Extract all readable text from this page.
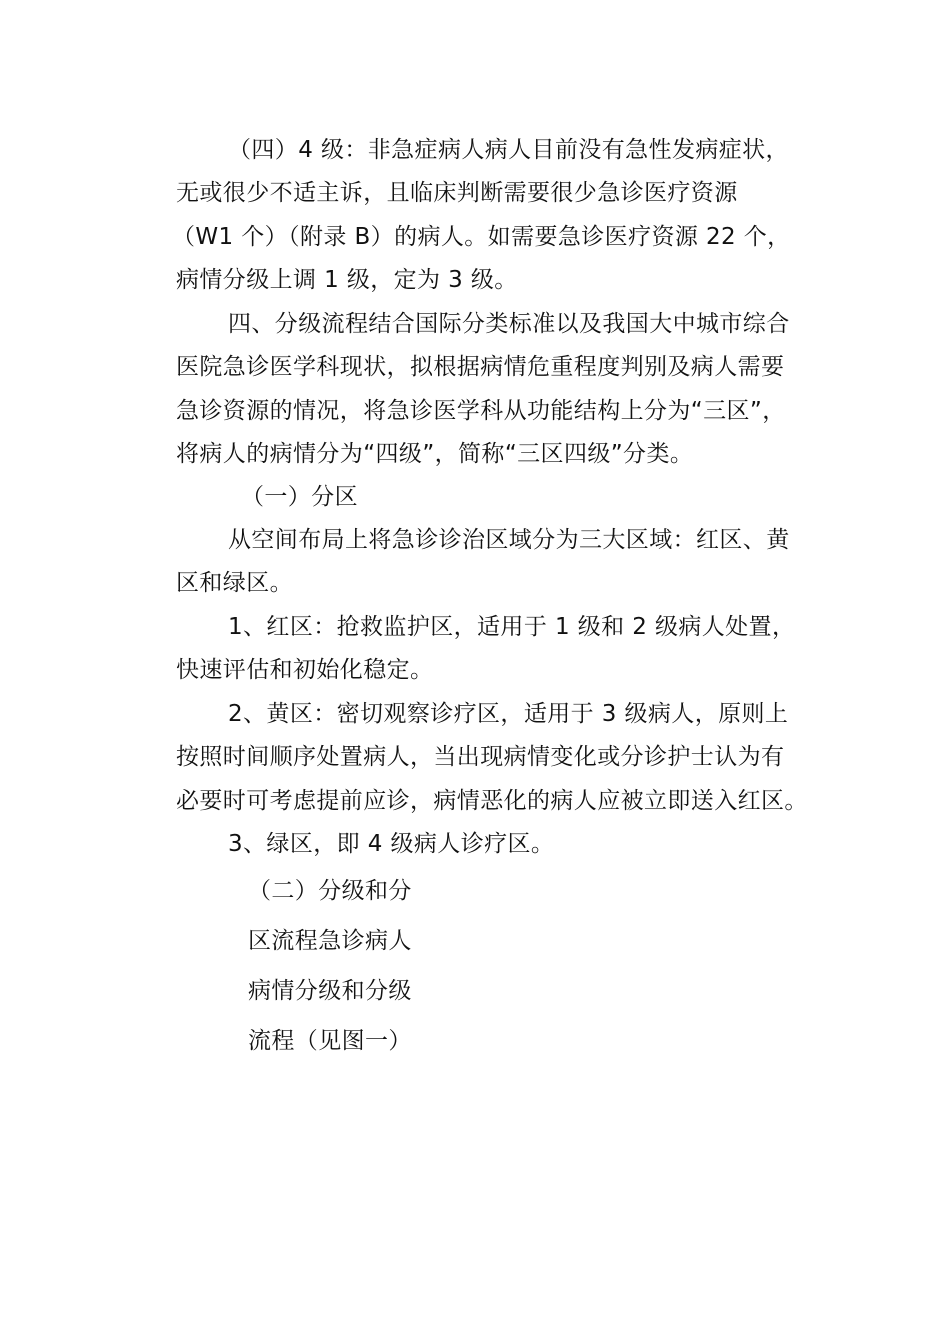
（四）4 级：非急症病人病人目前没有急性发病症状，
无或很少不适主诉，且临床判断需要很少急诊医疗资源
（W1 个）（附录 B）的病人。如需要急诊医疗资源 22 个，
病情分级上调 1 级，定为 3 级。
四、分级流程结合国际分类标准以及我国大中城市综合
医院急诊医学科现状，拟根据病情危重程度判别及病人需要
急诊资源的情况，将急诊医学科从功能结构上分为“三区”，
将病人的病情分为“四级”，简称“三区四级”分类。
（一）分区
从空间布局上将急诊诊治区域分为三大区域：红区、黄
区和绿区。
1、红区：抢救监护区，适用于 1 级和 2 级病人处置，
快速评估和初始化稳定。
2、黄区：密切观察诊疗区，适用于 3 级病人，原则上
按照时间顺序处置病人，当出现病情变化或分诊护士认为有
必要时可考虑提前应诊，病情恶化的病人应被立即送入红区。
3、绿区，即 4 级病人诊疗区。
（二）分级和分
区流程急诊病人
病情分级和分级
流程（见图一）
